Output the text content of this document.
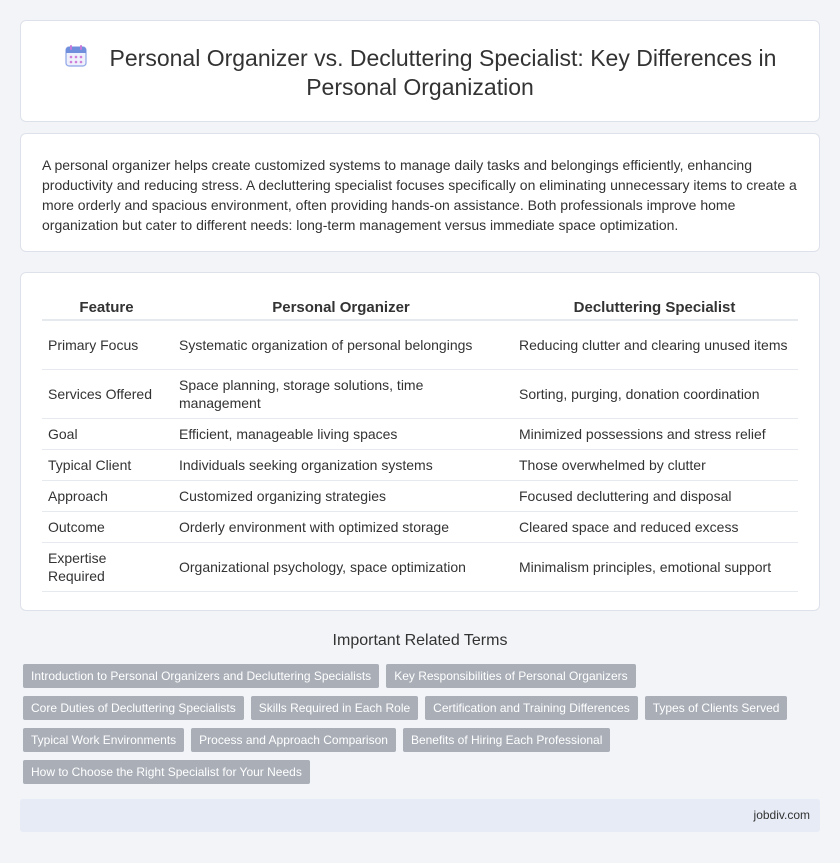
Personal Organizer vs. Decluttering Specialist: Key Differences in
Personal Organization

A personal organizer helps create customized systems to manage daily tasks and belongings efficiently, enhancing productivity and reducing stress. A decluttering specialist focuses specifically on eliminating unnecessary items to create a more orderly and spacious environment, often providing hands-on assistance. Both professionals improve home organization but cater to different needs: long-term management versus immediate space optimization.

Feature	Personal Organizer	Decluttering Specialist
Primary Focus	Systematic organization of personal belongings	Reducing clutter and clearing unused items
Services Offered	Space planning, storage solutions, time management	Sorting, purging, donation coordination
Goal	Efficient, manageable living spaces	Minimized possessions and stress relief
Typical Client	Individuals seeking organization systems	Those overwhelmed by clutter
Approach	Customized organizing strategies	Focused decluttering and disposal
Outcome	Orderly environment with optimized storage	Cleared space and reduced excess
Expertise Required	Organizational psychology, space optimization	Minimalism principles, emotional support
Important Related Terms
Introduction to Personal Organizers and Decluttering Specialists	Key Responsibilities of Personal Organizers
Core Duties of Decluttering Specialists	Skills Required in Each Role	Certification and Training Differences	Types of Clients Served
Typical Work Environments	Process and Approach Comparison	Benefits of Hiring Each Professional
How to Choose the Right Specialist for Your Needs
jobdiv.com
